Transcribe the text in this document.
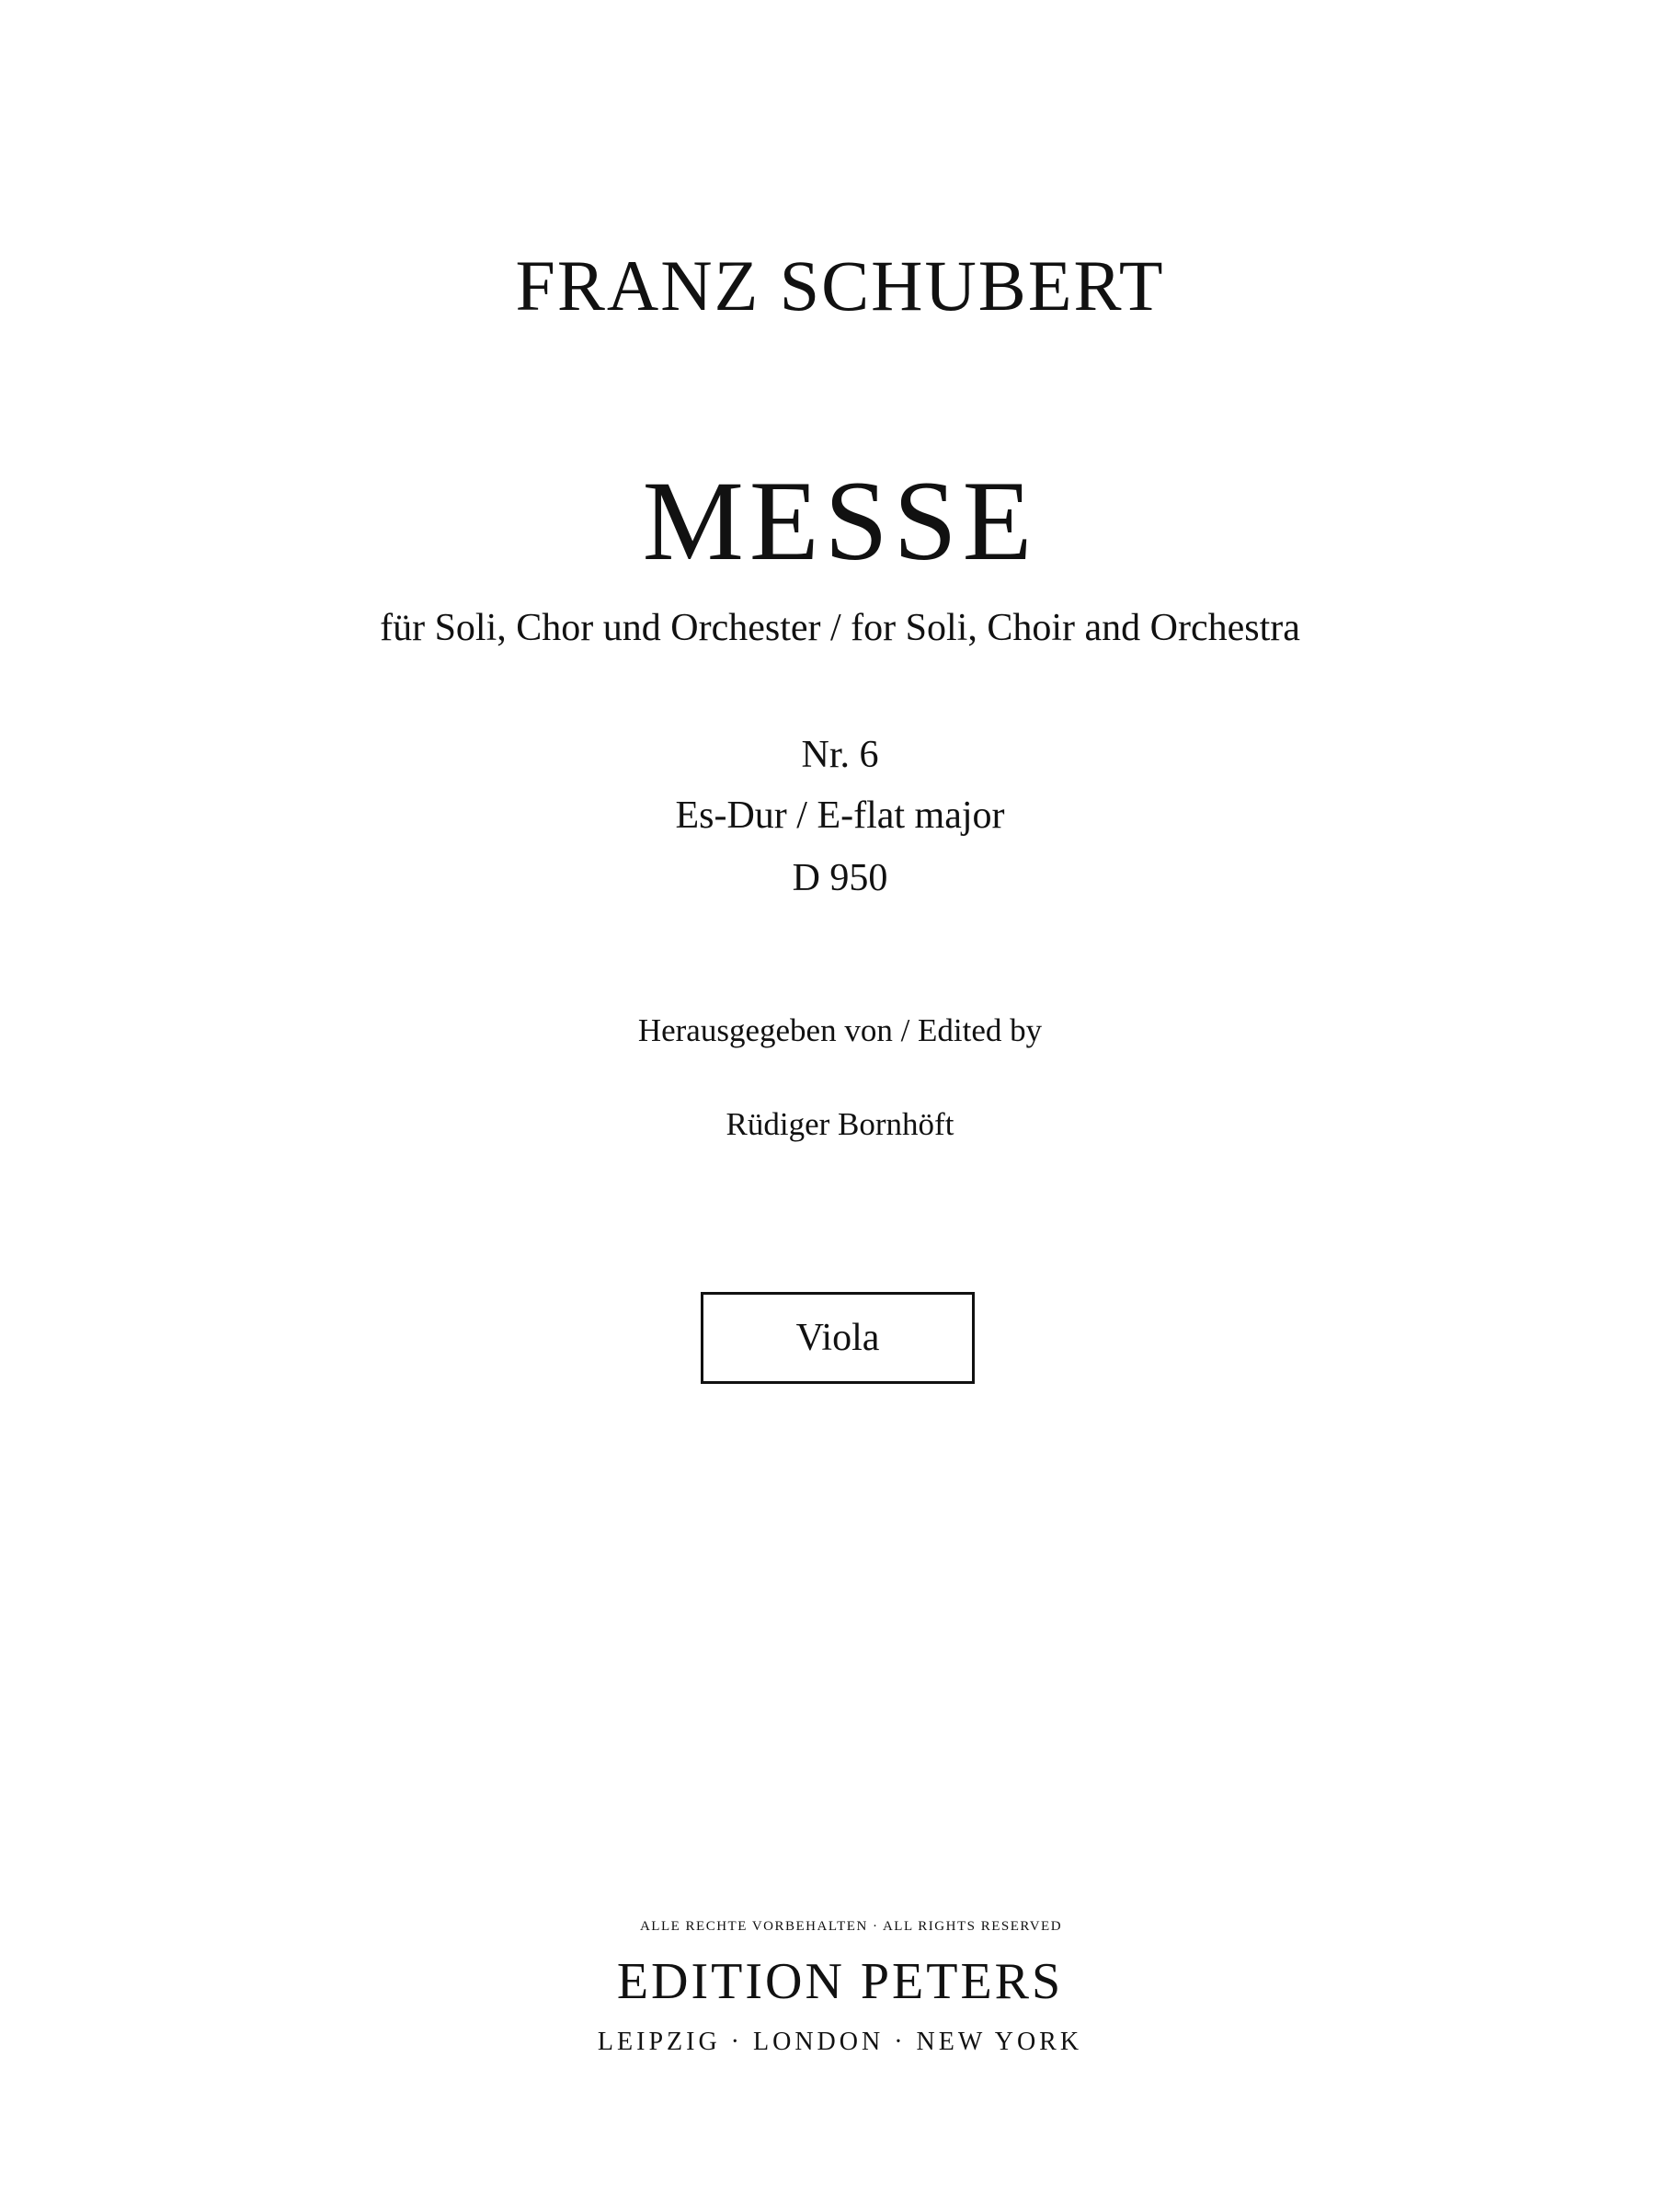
FRANZ SCHUBERT
MESSE
für Soli, Chor und Orchester / for Soli, Choir and Orchestra
Nr. 6
Es-Dur / E-flat major
D 950
Herausgegeben von / Edited by
Rüdiger Bornhöft
Viola
ALLE RECHTE VORBEHALTEN · ALL RIGHTS RESERVED
EDITION PETERS
LEIPZIG · LONDON · NEW YORK
